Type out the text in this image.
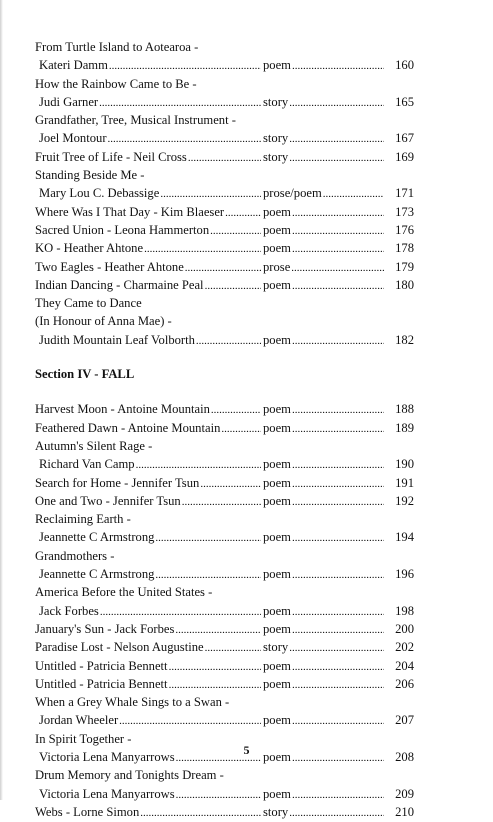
From Turtle Island to Aotearoa -
Kateri Damm .....	poem .....	160
How the Rainbow Came to Be -
Judi Garner .....	story .....	165
Grandfather, Tree, Musical Instrument -
Joel Montour .....	story .....	167
Fruit Tree of Life - Neil Cross .....	story .....	169
Standing Beside Me -
Mary Lou C. Debassige .....	prose/poem .....	171
Where Was I That Day - Kim Blaeser .....	poem .....	173
Sacred Union - Leona Hammerton .....	poem .....	176
KO - Heather Ahtone .....	poem .....	178
Two Eagles - Heather Ahtone .....	prose .....	179
Indian Dancing - Charmaine Peal .....	poem .....	180
They Came to Dance
(In Honour of Anna Mae) -
Judith Mountain Leaf Volborth .....	poem .....	182
Section IV - FALL
Harvest Moon - Antoine Mountain .....	poem .....	188
Feathered Dawn - Antoine Mountain .....	poem .....	189
Autumn's Silent Rage -
Richard Van Camp .....	poem .....	190
Search for Home - Jennifer Tsun .....	poem .....	191
One and Two - Jennifer Tsun .....	poem .....	192
Reclaiming Earth -
Jeannette C Armstrong .....	poem .....	194
Grandmothers -
Jeannette C Armstrong .....	poem .....	196
America Before the United States -
Jack Forbes .....	poem .....	198
January's Sun - Jack Forbes .....	poem .....	200
Paradise Lost - Nelson Augustine .....	story .....	202
Untitled - Patricia Bennett .....	poem .....	204
Untitled - Patricia Bennett .....	poem .....	206
When a Grey Whale Sings to a Swan -
Jordan Wheeler .....	poem .....	207
In Spirit Together -
Victoria Lena Manyarrows .....	poem .....	208
Drum Memory and Tonights Dream -
Victoria Lena Manyarrows .....	poem .....	209
Webs - Lorne Simon .....	story .....	210
5
